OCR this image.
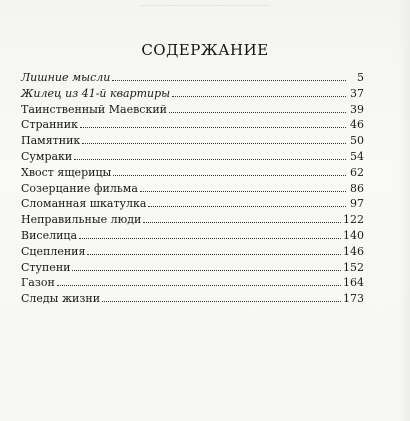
....................................................
СОДЕРЖАНИЕ
Лишние мысли	5
Жилец из 41-й квартиры	37
Таинственный Маевский	39
Странник	46
Памятник	50
Сумраки	54
Хвост ящерицы	62
Созерцание фильма	86
Сломанная шкатулка	97
Неправильные люди	122
Виселица	140
Сцепления	146
Ступени	152
Газон	164
Следы жизни	173
